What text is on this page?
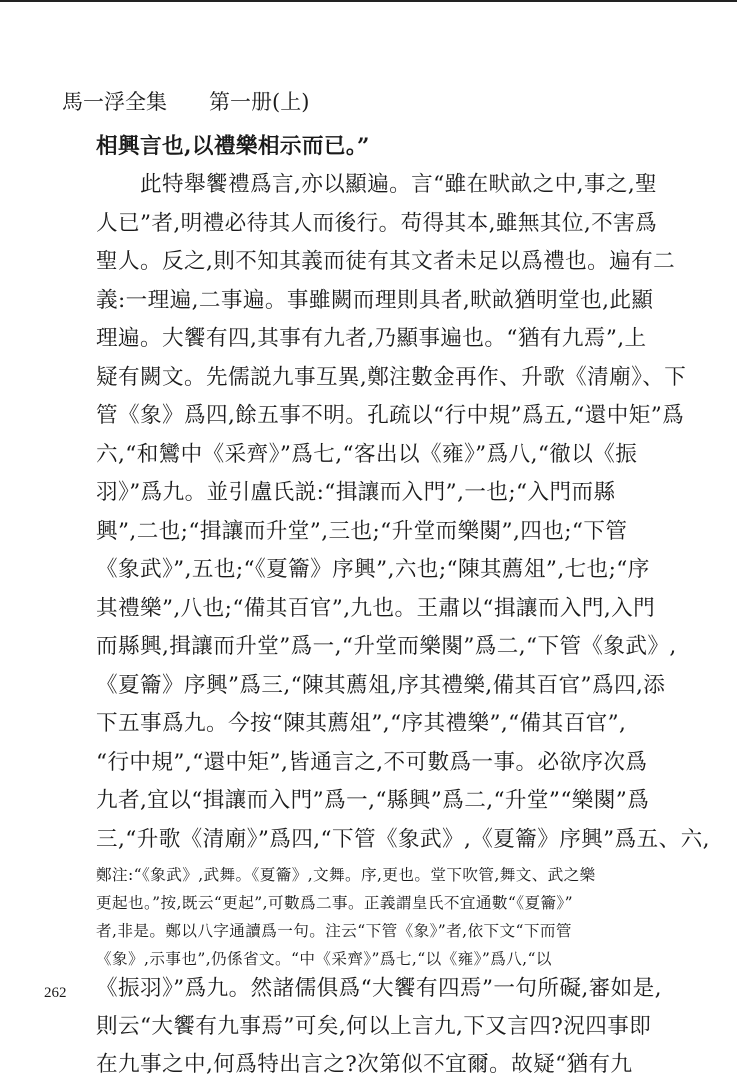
馬一浮全集 第一册(上)
相興言也,以禮樂相示而已。”
　　此特舉饗禮爲言,亦以顯遍。言“雖在畎畝之中,事之,聖
人已”者,明禮必待其人而後行。苟得其本,雖無其位,不害爲
聖人。反之,則不知其義而徒有其文者未足以爲禮也。遍有二
義:一理遍,二事遍。事雖闕而理則具者,畎畝猶明堂也,此顯
理遍。大饗有四,其事有九者,乃顯事遍也。“猶有九焉”,上
疑有闕文。先儒説九事互異,鄭注數金再作、升歌《清廟》、下
管《象》爲四,餘五事不明。孔疏以“行中規”爲五,“還中矩”爲
六,“和鸞中《采齊》”爲七,“客出以《雍》”爲八,“徹以《振
羽》”爲九。並引盧氏説:“揖讓而入門”,一也;“入門而縣
興”,二也;“揖讓而升堂”,三也;“升堂而樂闋”,四也;“下管
《象武》”,五也;“《夏籥》序興”,六也;“陳其薦俎”,七也;“序
其禮樂”,八也;“備其百官”,九也。王肅以“揖讓而入門,入門
而縣興,揖讓而升堂”爲一,“升堂而樂闋”爲二,“下管《象武》,
《夏籥》序興”爲三,“陳其薦俎,序其禮樂,備其百官”爲四,添
下五事爲九。今按“陳其薦俎”,“序其禮樂”,“備其百官”,
“行中規”,“還中矩”,皆通言之,不可數爲一事。必欲序次爲
九者,宜以“揖讓而入門”爲一,“縣興”爲二,“升堂”“樂闋”爲
三,“升歌《清廟》”爲四,“下管《象武》,《夏籥》序興”爲五、六,
鄭注:“《象武》,武舞。《夏籥》,文舞。序,更也。堂下吹管,舞文、武之樂
更起也。”按,既云“更起”,可數爲二事。正義謂皇氏不宜通數“《夏籥》”
者,非是。鄭以八字通讀爲一句。注云“下管《象》”者,依下文“下而管
《象》,示事也”,仍係省文。“中《采齊》”爲七,“以《雍》”爲八,“以
《振羽》”爲九。然諸儒俱爲“大饗有四焉”一句所礙,審如是,
則云“大饗有九事焉”可矣,何以上言九,下又言四?況四事即
在九事之中,何爲特出言之?次第似不宜爾。故疑“猶有九
262
